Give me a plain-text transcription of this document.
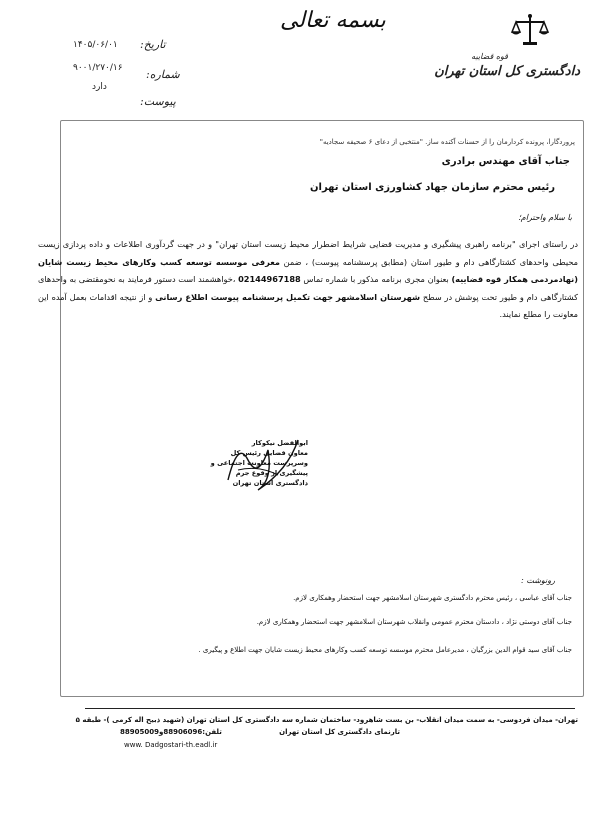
بسمه تعالی
قوه قضاییه
دادگستری کل استان تهران
تاریخ:
شماره:
پیوست:
۱۴۰۵/۰۶/۰۱
۹۰۰۱/۲۷۰/۱۶
دارد
پروردگارا، پرونده کردارمان را از حسنات آکنده ساز. "منتخبی از دعای ۶ صحیفه سجادیه"
جناب آقای مهندس برادری
رئیس محترم سازمان جهاد کشاورزی استان تهران
با سلام واحترام؛
در راستای اجرای "برنامه راهبری پیشگیری و مدیریت قضایی شرایط اضطرار محیط زیست استان تهران" و در جهت گردآوری اطلاعات و داده پردازی زیست محیطی واحدهای کشتارگاهی دام و طیور استان (مطابق پرسشنامه پیوست) ، ضمن معرفی موسسه توسعه کسب وکارهای محیط زیست شایان (نهادمردمی همکار قوه قضاییه) بعنوان مجری برنامه مذکور با شماره تماس 02144967188 ،خواهشمند است دستور فرمایند به نحومقتضی به واحدهای کشتارگاهی دام و طیور تحت پوشش در سطح شهرستان اسلامشهر جهت تکمیل پرسشنامه پیوست اطلاع رسانی و از نتیجه اقدامات بعمل آمده این معاونت را مطلع نمایند.
ابوالفضل نیکوکار
معاون قضایی رئیس کل
وسرپرست معاونت اجتماعی و پیشگیری از وقوع جرم
دادگستری استان تهران
رونوشت :
جناب آقای عباسی ، رئیس محترم دادگستری شهرستان اسلامشهر جهت استحضار وهمکاری لازم.
جناب آقای دوستی نژاد ، دادستان محترم عمومی وانقلاب شهرستان اسلامشهر جهت استحضار وهمکاری لازم.
جناب آقای سید قوام الدین بزرگیان ، مدیرعامل محترم موسسه توسعه کسب وکارهای محیط زیست شایان جهت اطلاع و پیگیری .
تهران- میدان فردوسی- به سمت میدان انقلاب- بن بست شاهرود- ساختمان شماره سه دادگستری کل استان تهران (شهید ذبیح اله کرمی )- طبقه ۵
تارنمای دادگستری کل استان تهران
تلفن:88906096و88905009
www. Dadgostari-th.eadl.ir
